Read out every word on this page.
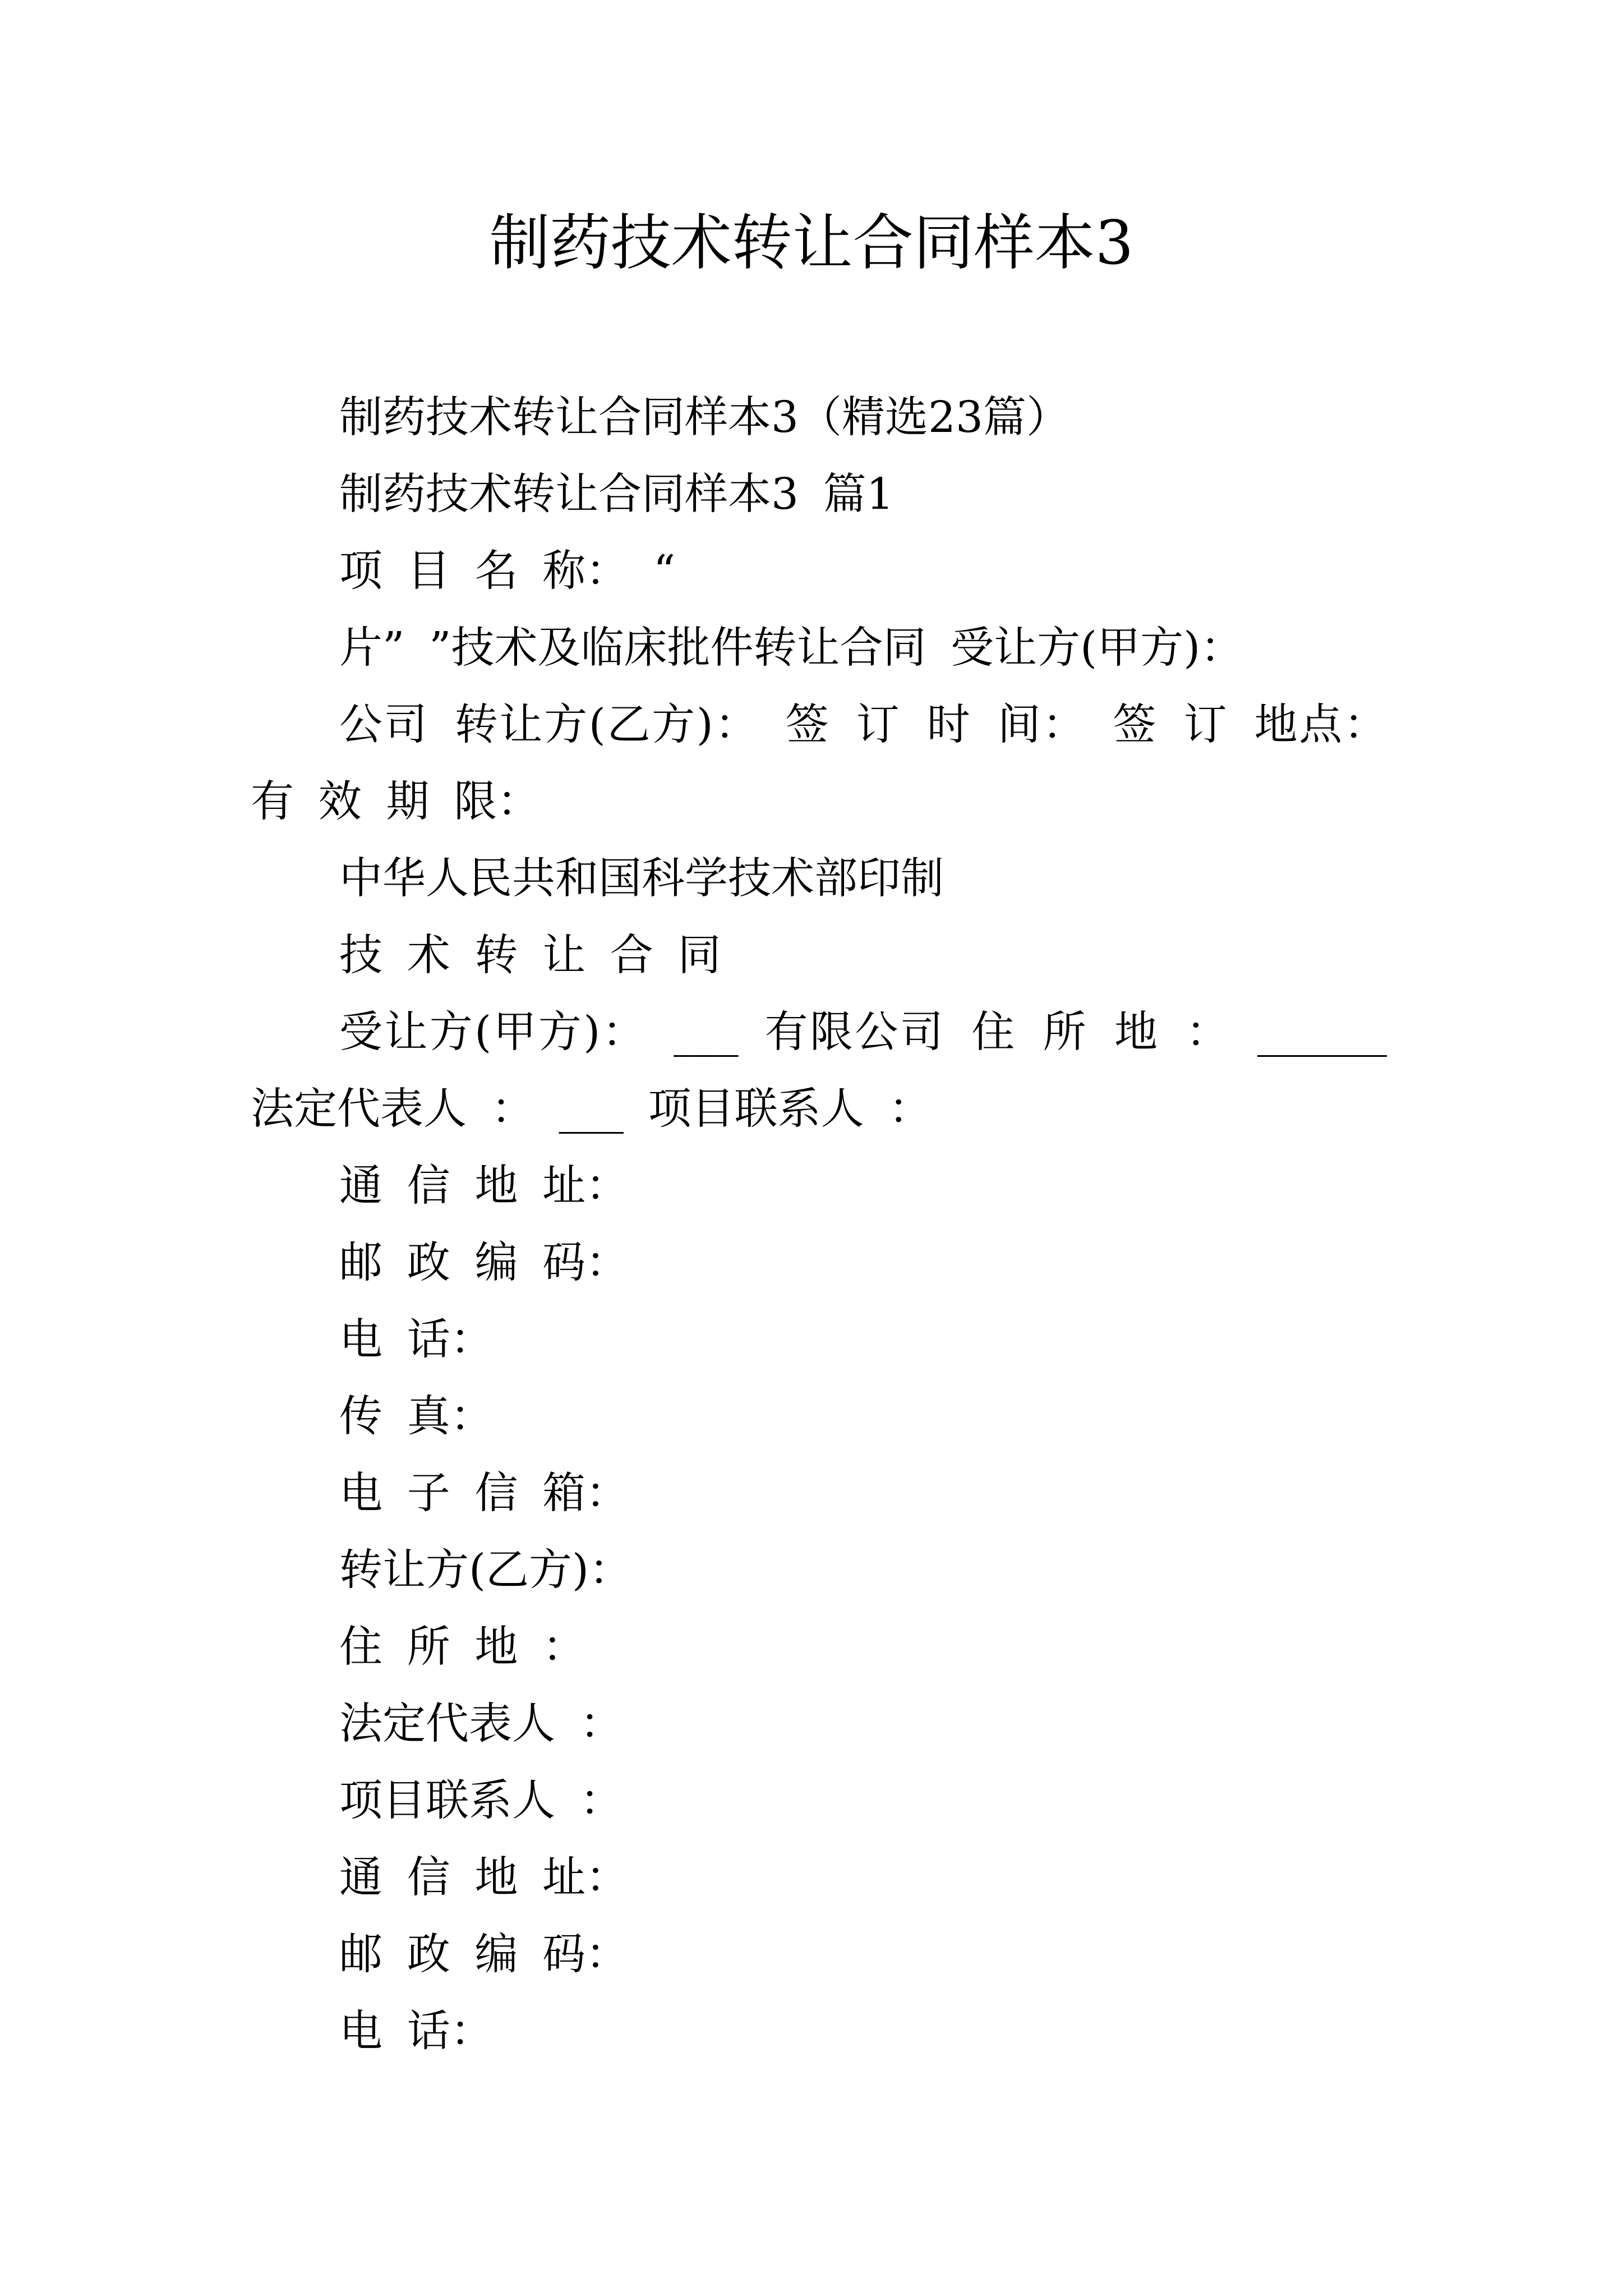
制药技术转让合同样本3
制药技术转让合同样本3（精选23篇）
制药技术转让合同样本3 篇1
项 目 名 称： “
片” ”技术及临床批件转让合同 受让方(甲方)：
公司 转让方(乙方)： 签 订 时 间： 签 订 地点：
有 效 期 限：
中华人民共和国科学技术部印制
技 术 转 让 合 同
受让方(甲方)： ___ 有限公司 住 所 地 ： ______
法定代表人 ： ___ 项目联系人 ：
通 信 地 址：
邮 政 编 码：
电 话：
传 真：
电 子 信 箱：
转让方(乙方)：
住 所 地 ：
法定代表人 ：
项目联系人 ：
通 信 地 址：
邮 政 编 码：
电 话：
